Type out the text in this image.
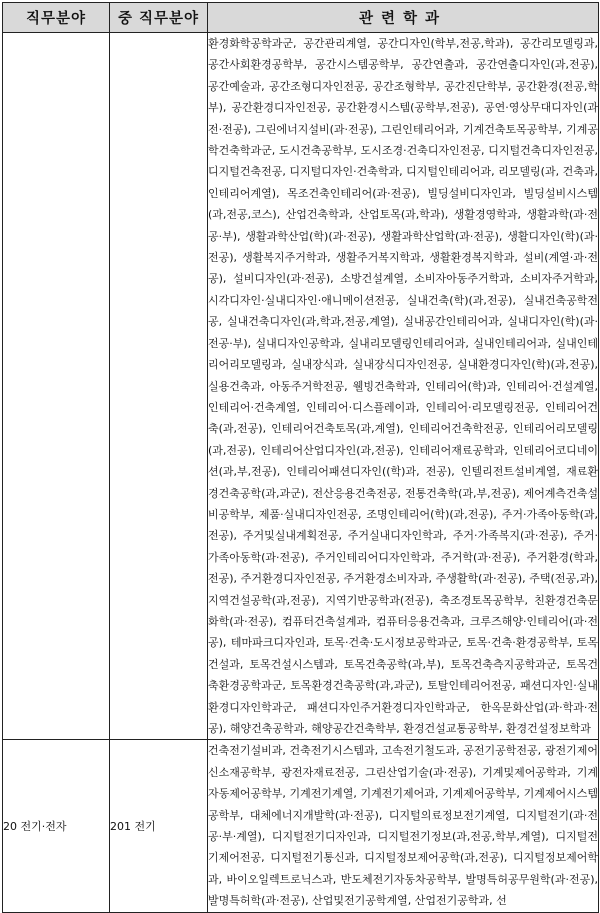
직무분야	중 직무분야	관련학과
		환경화학공학과군, 공간관리계열, 공간디자인(학부,전공,학과), 공간리모델링과, 공간사회환경공학부, 공간시스템공학부, 공간연출과, 공간연출디자인(과,전공), 공간예술과, 공간조형디자인전공, 공간조형학부, 공간진단학부, 공간환경(전공,학부), 공간환경디자인전공, 공간환경시스템(공학부,전공), 공연·영상무대디자인(과전·전공), 그린에너지설비(과·전공), 그린인테리어과, 기계건축토목공학부, 기계공학건축학과군, 도시건축공학부, 도시조경·건축디자인전공, 디지털건축디자인전공, 디지털건축전공, 디지털디자인·건축학과, 디지털인테리어과, 리모델링(과, 건축과, 인테리어계열), 목조건축인테리어(과·전공), 빌딩설비디자인과, 빌딩설비시스템(과,전공,코스), 산업건축학과, 산업토목(과,학과), 생활경영학과, 생활과학(과·전공·부), 생활과학산업(학)(과·전공), 생활과학산업학(과·전공), 생활디자인(학)(과·전공), 생활복지주거학과, 생활주거복지학과, 생활환경복지학과, 설비(계열·과·전공), 설비디자인(과·전공), 소방건설계열, 소비자아동주거학과, 소비자주거학과, 시각디자인·실내디자인·애니메이션전공, 실내건축(학)(과,전공), 실내건축공학전공, 실내건축디자인(과,학과,전공,계열), 실내공간인테리어과, 실내디자인(학)(과·전공·부), 실내디자인공학과, 실내리모델링인테리어과, 실내인테리어과, 실내인테리어리모델링과, 실내장식과, 실내장식디자인전공, 실내환경디자인(학)(과,전공), 실용건축과, 아동주거학전공, 웰빙건축학과, 인테리어(학)과, 인테리어·건설계열, 인테리어·건축계열, 인테리어·디스플레이과, 인테리어·리모델링전공, 인테리어건축(과,전공), 인테리어건축토목(과,계열), 인테리어건축학전공, 인테리어리모델링(과,전공), 인테리어산업디자인(과,전공), 인테리어재료공학과, 인테리어코디네이션(과,부,전공), 인테리어패션디자인((학)과, 전공), 인텔리전트설비계열, 재료환경건축공학(과,과군), 전산응용건축전공, 전통건축학(과,부,전공), 제어계측건축설비공학부, 제품·실내디자인전공, 조명인테리어(학)(과,전공), 주거·가족아동학(과,전공), 주거및실내계획전공, 주거실내디자인학과, 주거·가족복지(과·전공), 주거·가족아동학(과·전공), 주거인테리어디자인학과, 주거학(과·전공), 주거환경(학과,전공), 주거환경디자인전공, 주거환경소비자과, 주생활학(과·전공), 주택(전공,과), 지역건설공학(과,전공), 지역기반공학과(전공), 축조경토목공학부, 친환경건축문화학(과·전공), 컴퓨터건축설계과, 컴퓨터응용건축과, 크루즈해양·인테리어(과·전공), 테마파크디자인과, 토목·건축·도시정보공학과군, 토목·건축·환경공학부, 토목건설과, 토목건설시스템과, 토목건축공학(과,부), 토목건축측지공학과군, 토목건축환경공학과군, 토목환경건축공학(과,과군), 토탈인테리어전공, 패션디자인·실내환경디자인학과군, 패션디자인주거환경디자인학과군, 한옥문화산업(과·학과·전공), 해양건축공학과, 해양공간건축학부, 환경건설교통공학부, 환경건설정보학과
20 전기·전자	201 전기	건축전기설비과, 건축전기시스템과, 고속전기철도과, 공전기공학전공, 광전기제어신소재공학부, 광전자재료전공, 그린산업기술(과·전공), 기계및제어공학과, 기계자동제어공학부, 기계전기계열, 기계전기제어과, 기계제어공학부, 기계제어시스템공학부, 대체에너지개발학(과·전공), 디지털의료정보전기계열, 디지털전기(과·전공·부·계열), 디지털전기디자인과, 디지털전기정보(과,전공,학부,계열), 디지털전기제어전공, 디지털전기통신과, 디지털정보제어공학(과,전공), 디지털정보제어학과, 바이오일렉트로닉스과, 반도체전기자동차공학부, 발명특허공무원학(과·전공), 발명특허학(과·전공), 산업및전기공학계열, 산업전기공학과, 선
